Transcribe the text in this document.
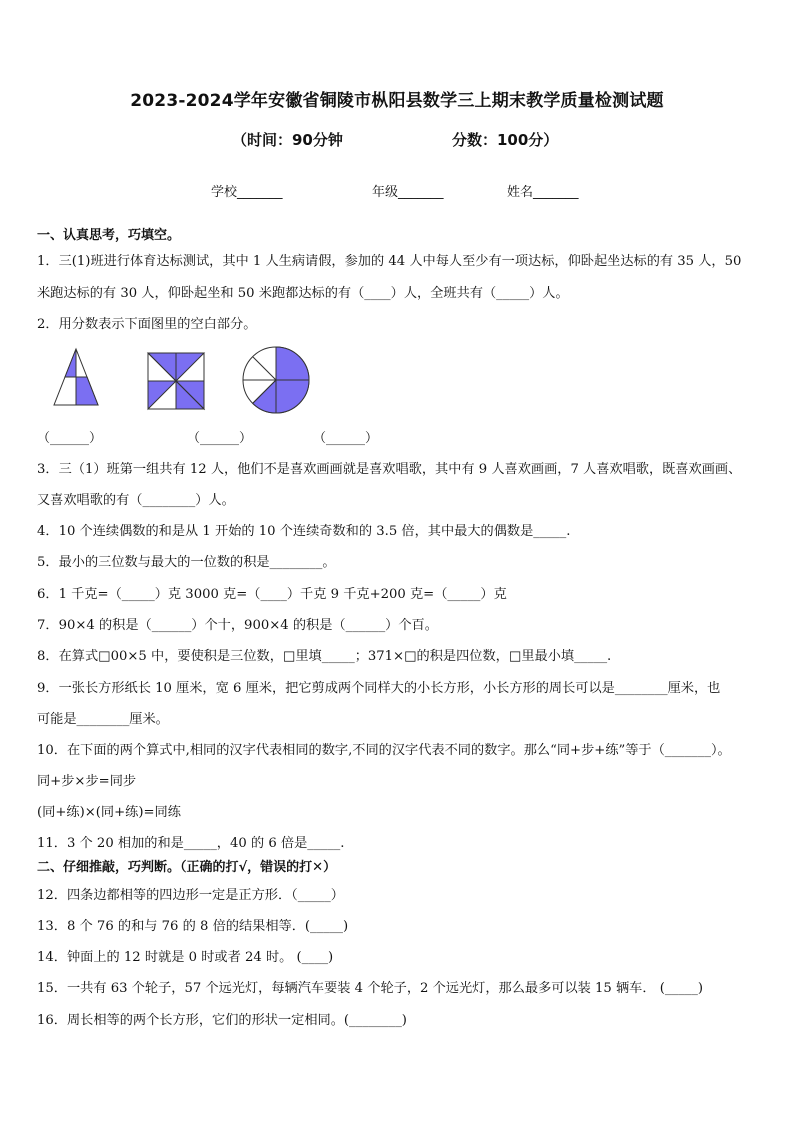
2023-2024学年安徽省铜陵市枞阳县数学三上期末教学质量检测试题
（时间：90分钟	分数：100分）
学校_______	年级_______	姓名_______
一、认真思考，巧填空。
1．三(1)班进行体育达标测试，其中 1 人生病请假，参加的 44 人中每人至少有一项达标，仰卧起坐达标的有 35 人，50
米跑达标的有 30 人，仰卧起坐和 50 米跑都达标的有（____）人，全班共有（_____）人。
2．用分数表示下面图里的空白部分。
（______）	（______）	（______）
3．三（1）班第一组共有 12 人，他们不是喜欢画画就是喜欢唱歌，其中有 9 人喜欢画画，7 人喜欢唱歌，既喜欢画画、
又喜欢唱歌的有（________）人。
4．10 个连续偶数的和是从 1 开始的 10 个连续奇数和的 3.5 倍，其中最大的偶数是_____.
5．最小的三位数与最大的一位数的积是________。
6．1 千克=（_____）克 3000 克=（____）千克 9 千克+200 克=（_____）克
7．90×4 的积是（______）个十，900×4 的积是（______）个百。
8．在算式□00×5 中，要使积是三位数，□里填_____；371×□的积是四位数，□里最小填_____.
9．一张长方形纸长 10 厘米，宽 6 厘米，把它剪成两个同样大的小长方形，小长方形的周长可以是________厘米，也
可能是________厘米。
10．在下面的两个算式中,相同的汉字代表相同的数字,不同的汉字代表不同的数字。那么“同+步+练”等于（_______）。
同+步×步=同步
(同+练)×(同+练)=同练
11．3 个 20 相加的和是_____，40 的 6 倍是_____.
二、仔细推敲，巧判断。（正确的打√，错误的打✕）
12．四条边都相等的四边形一定是正方形．（_____）
13．8 个 76 的和与 76 的 8 倍的结果相等．(_____)
14．钟面上的 12 时就是 0 时或者 24 时。 (____)
15．一共有 63 个轮子，57 个远光灯，每辆汽车要装 4 个轮子，2 个远光灯，那么最多可以装 15 辆车． (_____)
16．周长相等的两个长方形，它们的形状一定相同。(________)
